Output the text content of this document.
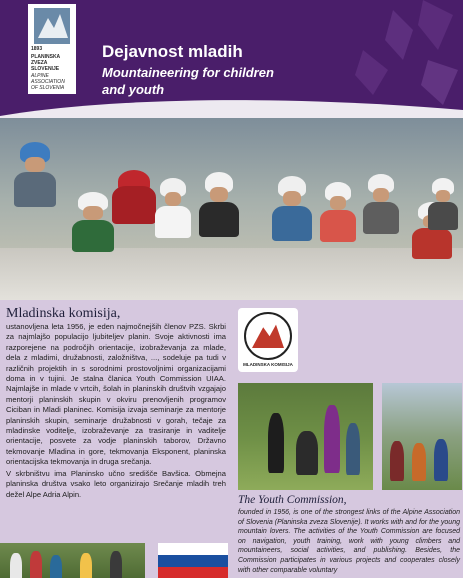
1893
PLANINSKA
ZVEZA
SLOVENIJE
ALPINE
ASSOCIATION
OF SLOVENIA
Dejavnost mladih
Mountaineering for children and youth
Mladinska komisija,

ustanovljena leta 1956, je eden najmočnejših členov PZS. Skrbi za najmlajšo populacijo ljubiteljev planin. Svoje aktivnosti ima razporejene na področjih orientacije, izobraževanja za mlade, dela z mladimi, družabnosti, založništva, ..., sodeluje pa tudi v različnih projektih in s sorodnimi prostovoljnimi organizacijami doma in v tujini. Je stalna članica Youth Commission UIAA. Najmlajše in mlade v vrtcih, šolah in planinskih društvih vzgajajo mentorji planinskih skupin v okviru prenovljenih programov Ciciban in Mladi planinec. Komisija izvaja seminarje za mentorje planinskih skupin, seminarje družabnosti v gorah, tečaje za mladinske voditelje, izobraževanje za trasiranje in vaditelje orientacije, posvete za vodje planinskih taborov, Državno tekmovanje Mladina in gore, tekmovanja Eksponent, planinska orientacijska tekmovanja in druga srečanja.

V skrbništvu ima Planinsko učno središče Bavšica. Obmejna planinska društva vsako leto organizirajo Srečanje mladih treh dežel Alpe Adria Alpin.

MLADINSKA KOMISIJA
The Youth Commission,
founded in 1956, is one of the strongest links of the Alpine Association of Slovenia (Planinska zveza Slovenije). It works with and for the young mountain lovers. The activities of the Youth Commission are focused on navigation, youth training, work with young climbers and mountaineers, social activities, and publishing. Besides, the Commission participates in various projects and cooperates closely with other comparable voluntary
